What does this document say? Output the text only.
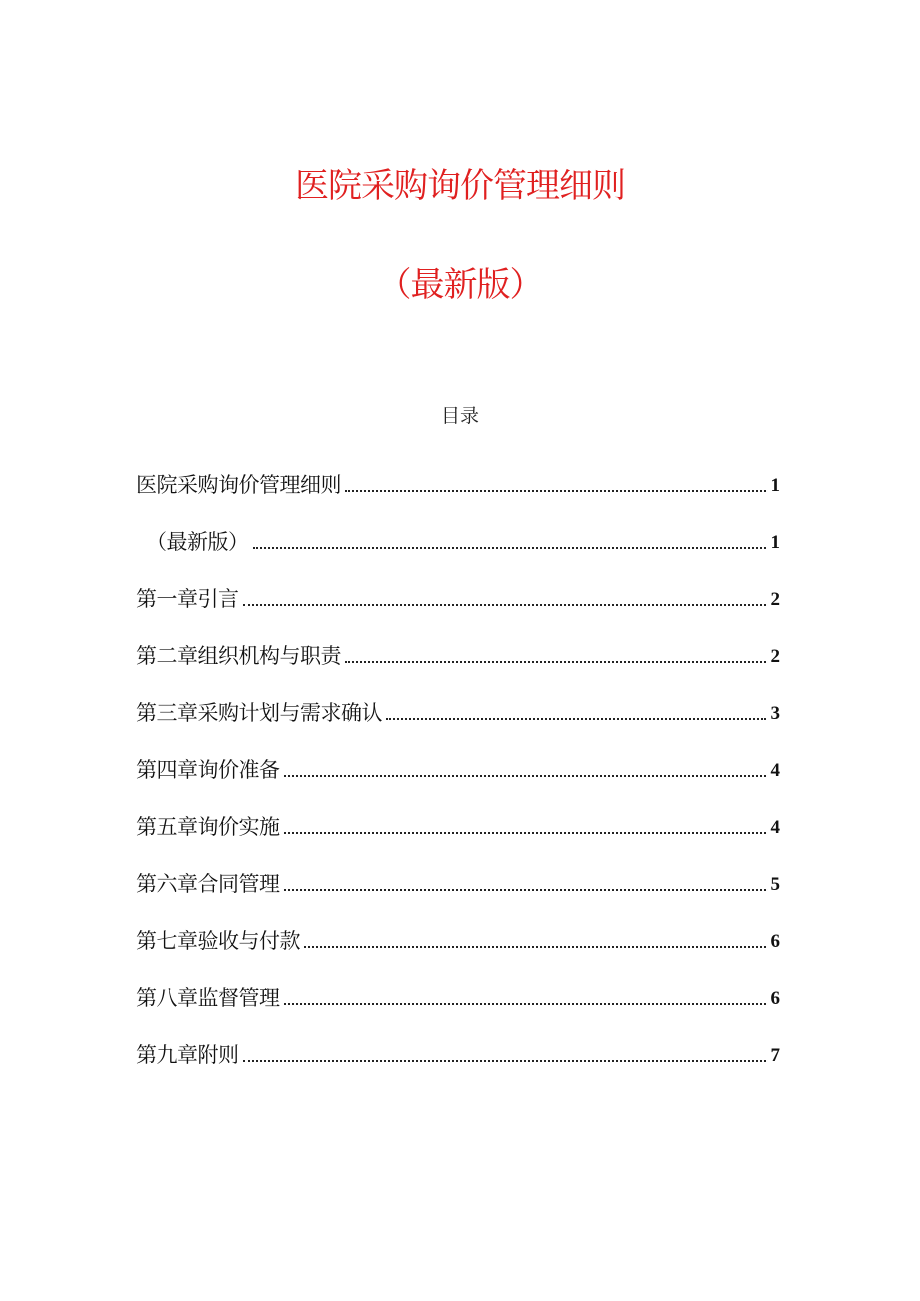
医院采购询价管理细则
（最新版）
目录
医院采购询价管理细则	1
（最新版）	1
第一章引言	2
第二章组织机构与职责	2
第三章采购计划与需求确认	3
第四章询价准备	4
第五章询价实施	4
第六章合同管理	5
第七章验收与付款	6
第八章监督管理	6
第九章附则	7
